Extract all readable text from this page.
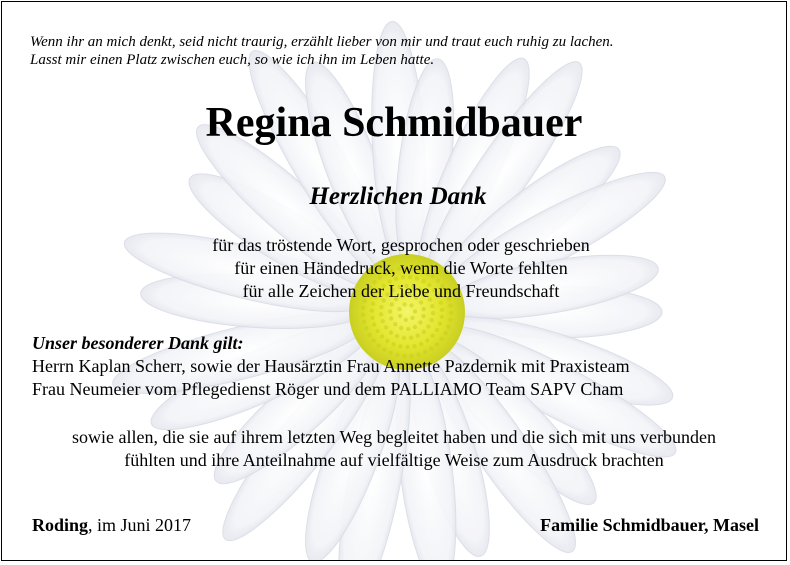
Wenn ihr an mich denkt, seid nicht traurig, erzählt lieber von mir und traut euch ruhig zu lachen.
Lasst mir einen Platz zwischen euch, so wie ich ihn im Leben hatte.

Regina Schmidbauer
Herzlichen Dank

für das tröstende Wort, gesprochen oder geschrieben
für einen Händedruck, wenn die Worte fehlten
für alle Zeichen der Liebe und Freundschaft

Unser besonderer Dank gilt:
Herrn Kaplan Scherr, sowie der Hausärztin Frau Annette Pazdernik mit Praxisteam
Frau Neumeier vom Pflegedienst Röger und dem PALLIAMO Team SAPV Cham

sowie allen, die sie auf ihrem letzten Weg begleitet haben und die sich mit uns verbunden
fühlten und ihre Anteilnahme auf vielfältige Weise zum Ausdruck brachten

Roding, im Juni 2017	Familie Schmidbauer, Masel
